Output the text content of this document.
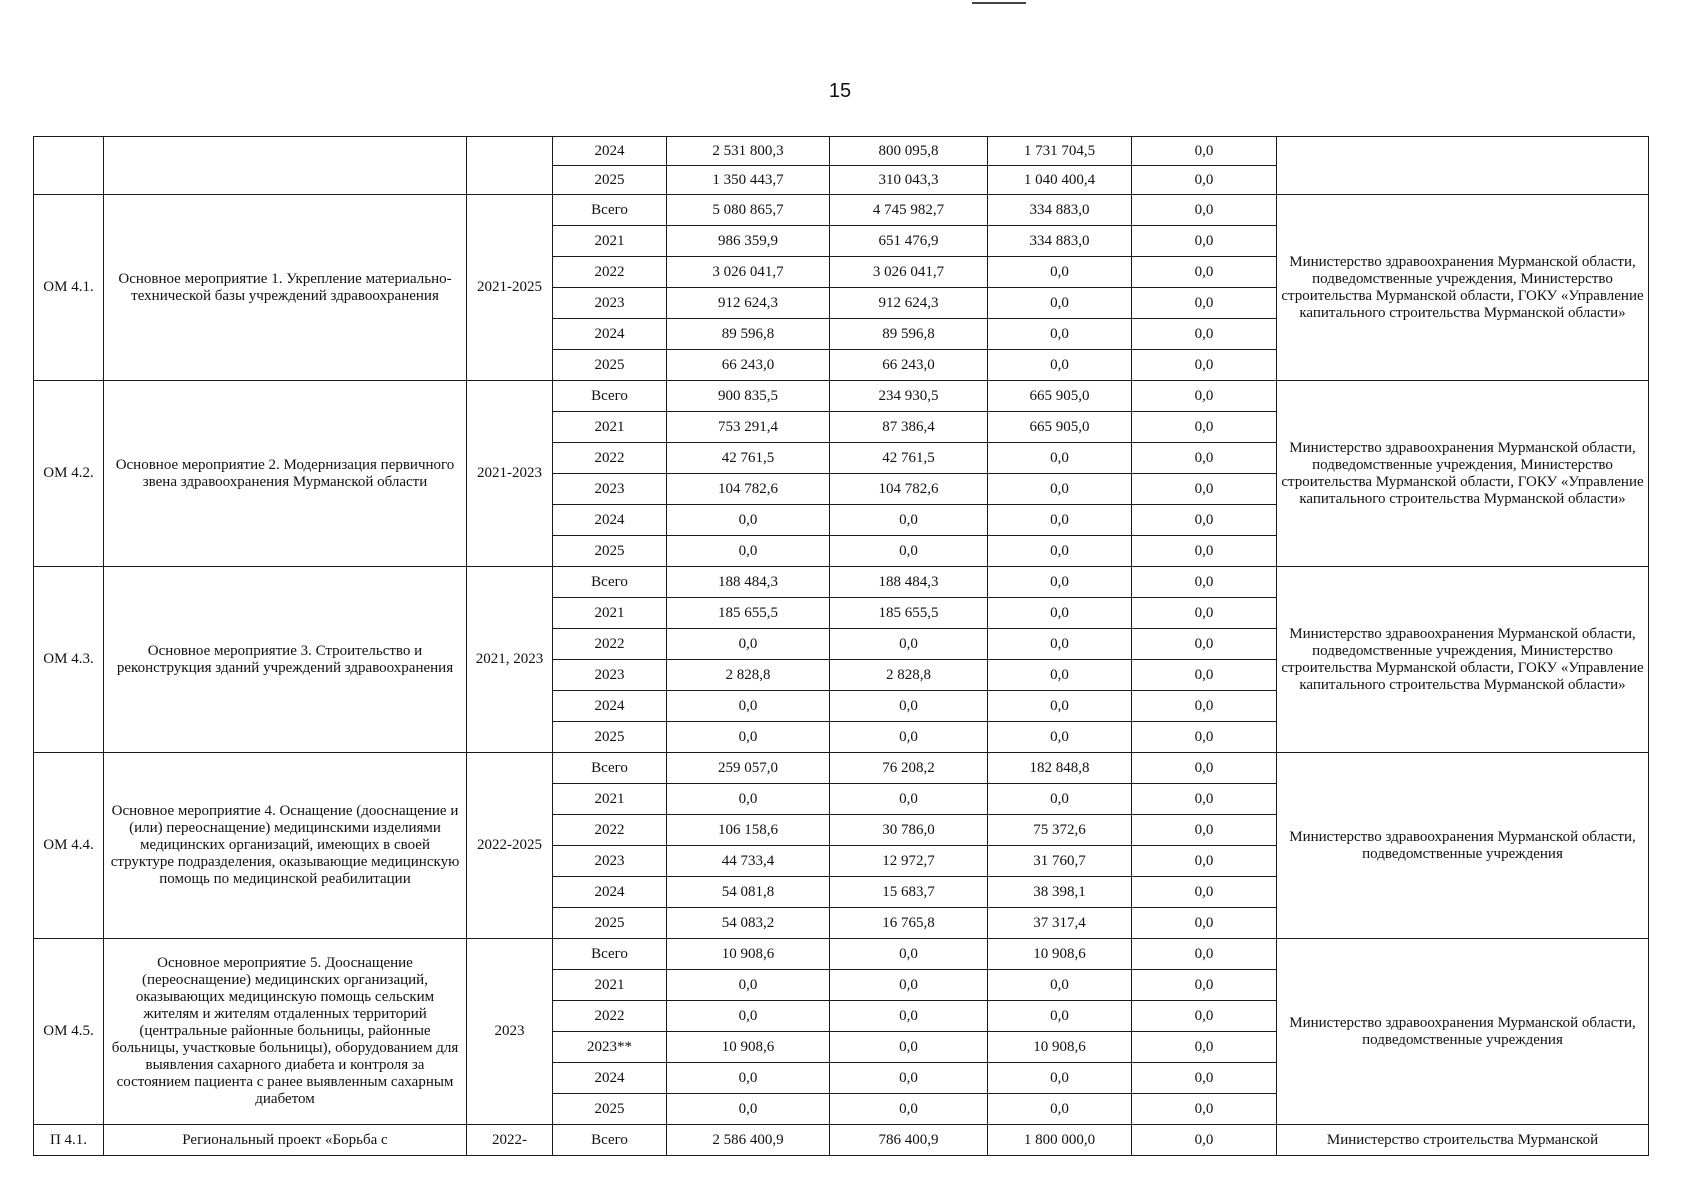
15
			2024	2 531 800,3	800 095,8	1 731 704,5	0,0	
			2025	1 350 443,7	310 043,3	1 040 400,4	0,0	
ОМ 4.1.	Основное мероприятие 1. Укрепление материально-технической базы учреждений здравоохранения	2021-2025	Всего	5 080 865,7	4 745 982,7	334 883,0	0,0	Министерство здравоохранения Мурманской области, подведомственные учреждения, Министерство строительства Мурманской области, ГОКУ «Управление капитального строительства Мурманской области»
			2021	986 359,9	651 476,9	334 883,0	0,0	
			2022	3 026 041,7	3 026 041,7	0,0	0,0	
			2023	912 624,3	912 624,3	0,0	0,0	
			2024	89 596,8	89 596,8	0,0	0,0	
			2025	66 243,0	66 243,0	0,0	0,0	
ОМ 4.2.	Основное мероприятие 2. Модернизация первичного звена здравоохранения Мурманской области	2021-2023	Всего	900 835,5	234 930,5	665 905,0	0,0	Министерство здравоохранения Мурманской области, подведомственные учреждения, Министерство строительства Мурманской области, ГОКУ «Управление капитального строительства Мурманской области»
			2021	753 291,4	87 386,4	665 905,0	0,0	
			2022	42 761,5	42 761,5	0,0	0,0	
			2023	104 782,6	104 782,6	0,0	0,0	
			2024	0,0	0,0	0,0	0,0	
			2025	0,0	0,0	0,0	0,0	
ОМ 4.3.	Основное мероприятие 3. Строительство и реконструкция зданий учреждений здравоохранения	2021, 2023	Всего	188 484,3	188 484,3	0,0	0,0	Министерство здравоохранения Мурманской области, подведомственные учреждения, Министерство строительства Мурманской области, ГОКУ «Управление капитального строительства Мурманской области»
			2021	185 655,5	185 655,5	0,0	0,0	
			2022	0,0	0,0	0,0	0,0	
			2023	2 828,8	2 828,8	0,0	0,0	
			2024	0,0	0,0	0,0	0,0	
			2025	0,0	0,0	0,0	0,0	
ОМ 4.4.	Основное мероприятие 4. Оснащение (дооснащение и (или) переоснащение) медицинскими изделиями медицинских организаций, имеющих в своей структуре подразделения, оказывающие медицинскую помощь по медицинской реабилитации	2022-2025	Всего	259 057,0	76 208,2	182 848,8	0,0	Министерство здравоохранения Мурманской области, подведомственные учреждения
			2021	0,0	0,0	0,0	0,0	
			2022	106 158,6	30 786,0	75 372,6	0,0	
			2023	44 733,4	12 972,7	31 760,7	0,0	
			2024	54 081,8	15 683,7	38 398,1	0,0	
			2025	54 083,2	16 765,8	37 317,4	0,0	
ОМ 4.5.	Основное мероприятие 5. Дооснащение (переоснащение) медицинских организаций, оказывающих медицинскую помощь сельским жителям и жителям отдаленных территорий (центральные районные больницы, районные больницы, участковые больницы), оборудованием для выявления сахарного диабета и контроля за состоянием пациента с ранее выявленным сахарным диабетом	2023	Всего	10 908,6	0,0	10 908,6	0,0	Министерство здравоохранения Мурманской области, подведомственные учреждения
			2021	0,0	0,0	0,0	0,0	
			2022	0,0	0,0	0,0	0,0	
			2023**	10 908,6	0,0	10 908,6	0,0	
			2024	0,0	0,0	0,0	0,0	
			2025	0,0	0,0	0,0	0,0	
П 4.1.	Региональный проект «Борьба с	2022-	Всего	2 586 400,9	786 400,9	1 800 000,0	0,0	Министерство строительства Мурманской
